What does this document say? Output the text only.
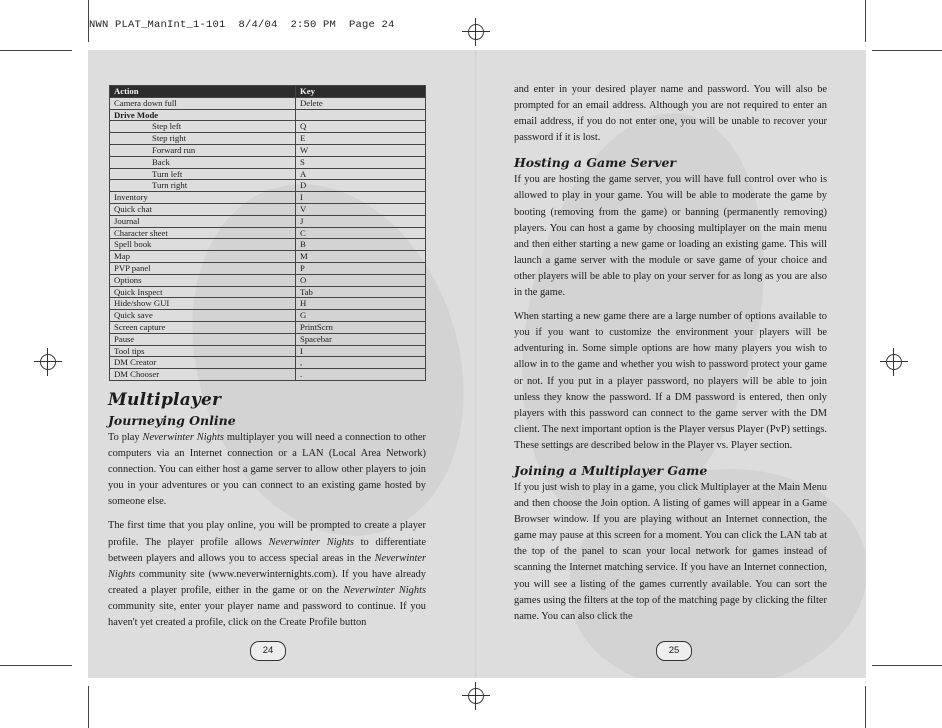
NWN PLAT_ManInt_1-101  8/4/04  2:50 PM  Page 24
Action	Key
Camera down full	Delete
Drive Mode	
Step left	Q
Step right	E
Forward run	W
Back	S
Turn left	A
Turn right	D
Inventory	I
Quick chat	V
Journal	J
Character sheet	C
Spell book	B
Map	M
PVP panel	P
Options	O
Quick Inspect	Tab
Hide/show GUI	H
Quick save	G
Screen capture	PrintScrn
Pause	Spacebar
Tool tips	I
DM Creator	,
DM Chooser	.
Multiplayer
Journeying Online

To play Neverwinter Nights multiplayer you will need a connection to other computers via an Internet connection or a LAN (Local Area Network) connection. You can either host a game server to allow other players to join you in your adventures or you can connect to an existing game hosted by someone else.

The first time that you play online, you will be prompted to create a player profile. The player profile allows Neverwinter Nights to differentiate between players and allows you to access special areas in the Neverwinter Nights community site (www.neverwinternights.com). If you have already created a player profile, either in the game or on the Neverwinter Nights community site, enter your player name and password to continue. If you haven't yet created a profile, click on the Create Profile button

and enter in your desired player name and password. You will also be prompted for an email address. Although you are not required to enter an email address, if you do not enter one, you will be unable to recover your password if it is lost.

Hosting a Game Server

If you are hosting the game server, you will have full control over who is allowed to play in your game. You will be able to moderate the game by booting (removing from the game) or banning (permanently removing) players. You can host a game by choosing multiplayer on the main menu and then either starting a new game or loading an existing game. This will launch a game server with the module or save game of your choice and other players will be able to play on your server for as long as you are also in the game.

When starting a new game there are a large number of options available to you if you want to customize the environment your players will be adventuring in. Some simple options are how many players you wish to allow in to the game and whether you wish to password protect your game or not. If you put in a player password, no players will be able to join unless they know the password. If a DM password is entered, then only players with this password can connect to the game server with the DM client. The next important option is the Player versus Player (PvP) settings. These settings are described below in the Player vs. Player section.

Joining a Multiplayer Game

If you just wish to play in a game, you click Multiplayer at the Main Menu and then choose the Join option. A listing of games will appear in a Game Browser window. If you are playing without an Internet connection, the game may pause at this screen for a moment. You can click the LAN tab at the top of the panel to scan your local network for games instead of scanning the Internet matching service. If you have an Internet connection, you will see a listing of the games currently available. You can sort the games using the filters at the top of the matching page by clicking the filter name. You can also click the

24	25
